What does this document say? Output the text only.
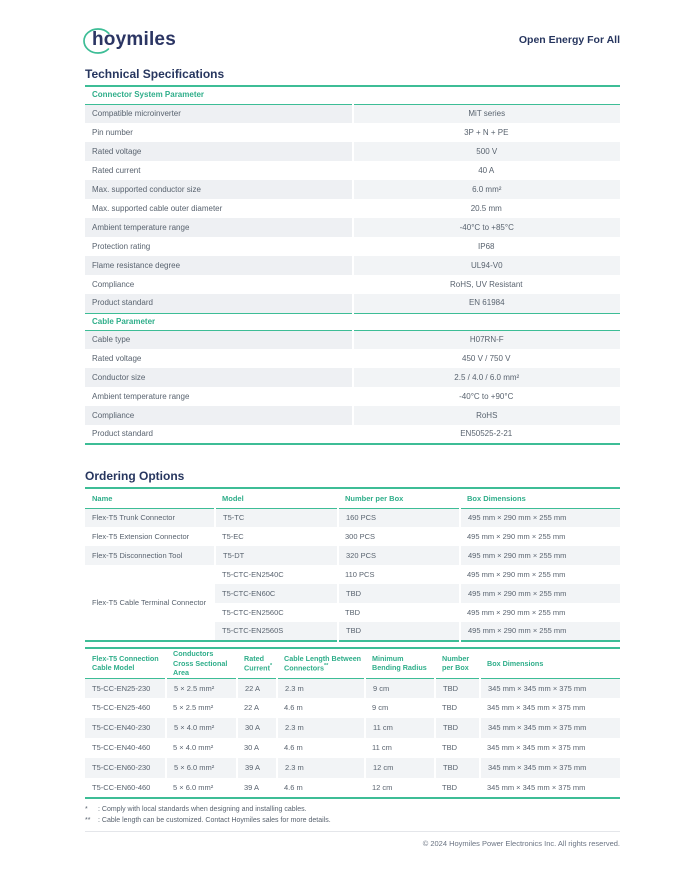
hoymiles	Open Energy For All
Technical Specifications
Connector System Parameter	
Compatible microinverter	MiT series
Pin number	3P + N + PE
Rated voltage	500 V
Rated current	40 A
Max. supported conductor size	6.0 mm²
Max. supported cable outer diameter	20.5 mm
Ambient temperature range	-40°C to +85°C
Protection rating	IP68
Flame resistance degree	UL94-V0
Compliance	RoHS, UV Resistant
Product standard	EN 61984
Cable Parameter	
Cable type	H07RN-F
Rated voltage	450 V / 750 V
Conductor size	2.5 / 4.0 / 6.0 mm²
Ambient temperature range	-40°C to +90°C
Compliance	RoHS
Product standard	EN50525-2-21
Ordering Options
Name	Model	Number per Box	Box Dimensions
Flex-T5 Trunk Connector	T5-TC	160 PCS	495 mm × 290 mm × 255 mm
Flex-T5 Extension Connector	T5-EC	300 PCS	495 mm × 290 mm × 255 mm
Flex-T5 Disconnection Tool	T5-DT	320 PCS	495 mm × 290 mm × 255 mm
Flex-T5 Cable Terminal Connector	T5-CTC-EN2540C	110 PCS	495 mm × 290 mm × 255 mm
	T5-CTC-EN60C	TBD	495 mm × 290 mm × 255 mm
	T5-CTC-EN2560C	TBD	495 mm × 290 mm × 255 mm
	T5-CTC-EN2560S	TBD	495 mm × 290 mm × 255 mm
Flex-T5 Connection Cable Model	Conductors Cross Sectional Area	Rated Current*	Cable Length Between Connectors**	Minimum Bending Radius	Number per Box	Box Dimensions
T5-CC-EN25-230	5 × 2.5 mm²	22 A	2.3 m	9 cm	TBD	345 mm × 345 mm × 375 mm
T5-CC-EN25-460	5 × 2.5 mm²	22 A	4.6 m	9 cm	TBD	345 mm × 345 mm × 375 mm
T5-CC-EN40-230	5 × 4.0 mm²	30 A	2.3 m	11 cm	TBD	345 mm × 345 mm × 375 mm
T5-CC-EN40-460	5 × 4.0 mm²	30 A	4.6 m	11 cm	TBD	345 mm × 345 mm × 375 mm
T5-CC-EN60-230	5 × 6.0 mm²	39 A	2.3 m	12 cm	TBD	345 mm × 345 mm × 375 mm
T5-CC-EN60-460	5 × 6.0 mm²	39 A	4.6 m	12 cm	TBD	345 mm × 345 mm × 375 mm
*	: Comply with local standards when designing and installing cables.
**	: Cable length can be customized. Contact Hoymiles sales for more details.
© 2024 Hoymiles Power Electronics Inc. All rights reserved.
